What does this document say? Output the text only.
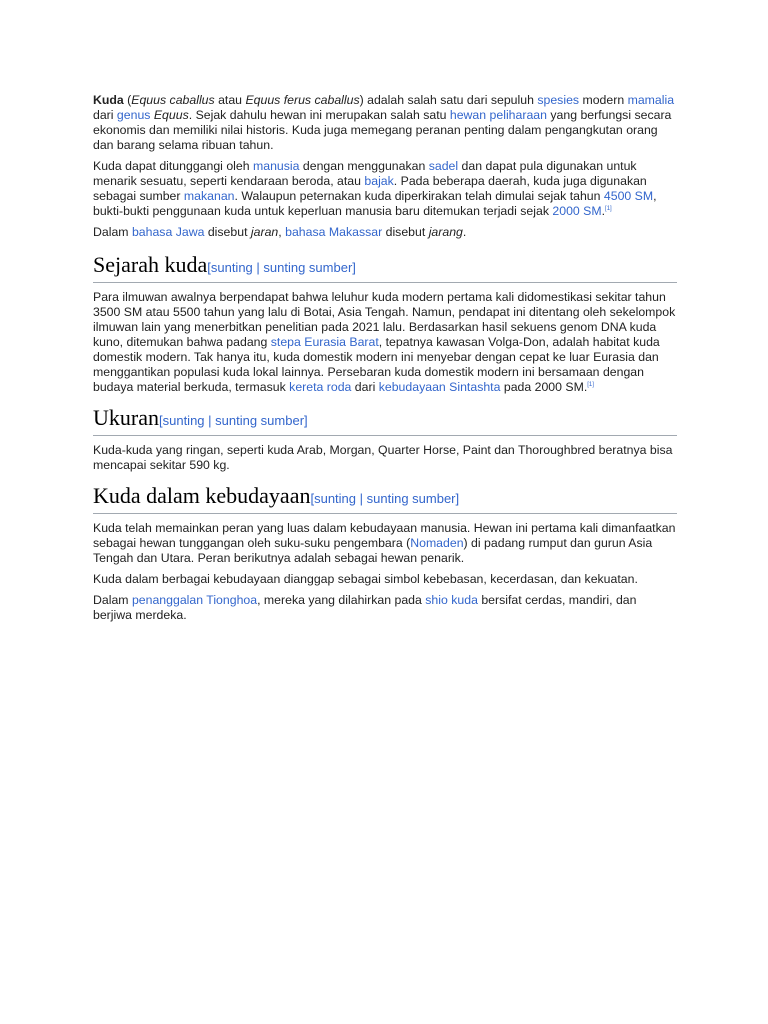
Kuda (Equus caballus atau Equus ferus caballus) adalah salah satu dari sepuluh spesies modern mamalia dari genus Equus. Sejak dahulu hewan ini merupakan salah satu hewan peliharaan yang berfungsi secara ekonomis dan memiliki nilai historis. Kuda juga memegang peranan penting dalam pengangkutan orang dan barang selama ribuan tahun.

Kuda dapat ditunggangi oleh manusia dengan menggunakan sadel dan dapat pula digunakan untuk menarik sesuatu, seperti kendaraan beroda, atau bajak. Pada beberapa daerah, kuda juga digunakan sebagai sumber makanan. Walaupun peternakan kuda diperkirakan telah dimulai sejak tahun 4500 SM, bukti-bukti penggunaan kuda untuk keperluan manusia baru ditemukan terjadi sejak 2000 SM.[1]

Dalam bahasa Jawa disebut jaran, bahasa Makassar disebut jarang.

Sejarah kuda[sunting | sunting sumber]

Para ilmuwan awalnya berpendapat bahwa leluhur kuda modern pertama kali didomestikasi sekitar tahun 3500 SM atau 5500 tahun yang lalu di Botai, Asia Tengah. Namun, pendapat ini ditentang oleh sekelompok ilmuwan lain yang menerbitkan penelitian pada 2021 lalu. Berdasarkan hasil sekuens genom DNA kuda kuno, ditemukan bahwa padang stepa Eurasia Barat, tepatnya kawasan Volga-Don, adalah habitat kuda domestik modern. Tak hanya itu, kuda domestik modern ini menyebar dengan cepat ke luar Eurasia dan menggantikan populasi kuda lokal lainnya. Persebaran kuda domestik modern ini bersamaan dengan budaya material berkuda, termasuk kereta roda dari kebudayaan Sintashta pada 2000 SM.[1]

Ukuran[sunting | sunting sumber]

Kuda-kuda yang ringan, seperti kuda Arab, Morgan, Quarter Horse, Paint dan Thoroughbred beratnya bisa mencapai sekitar 590 kg.

Kuda dalam kebudayaan[sunting | sunting sumber]

Kuda telah memainkan peran yang luas dalam kebudayaan manusia. Hewan ini pertama kali dimanfaatkan sebagai hewan tunggangan oleh suku-suku pengembara (Nomaden) di padang rumput dan gurun Asia Tengah dan Utara. Peran berikutnya adalah sebagai hewan penarik.

Kuda dalam berbagai kebudayaan dianggap sebagai simbol kebebasan, kecerdasan, dan kekuatan.

Dalam penanggalan Tionghoa, mereka yang dilahirkan pada shio kuda bersifat cerdas, mandiri, dan berjiwa merdeka.
